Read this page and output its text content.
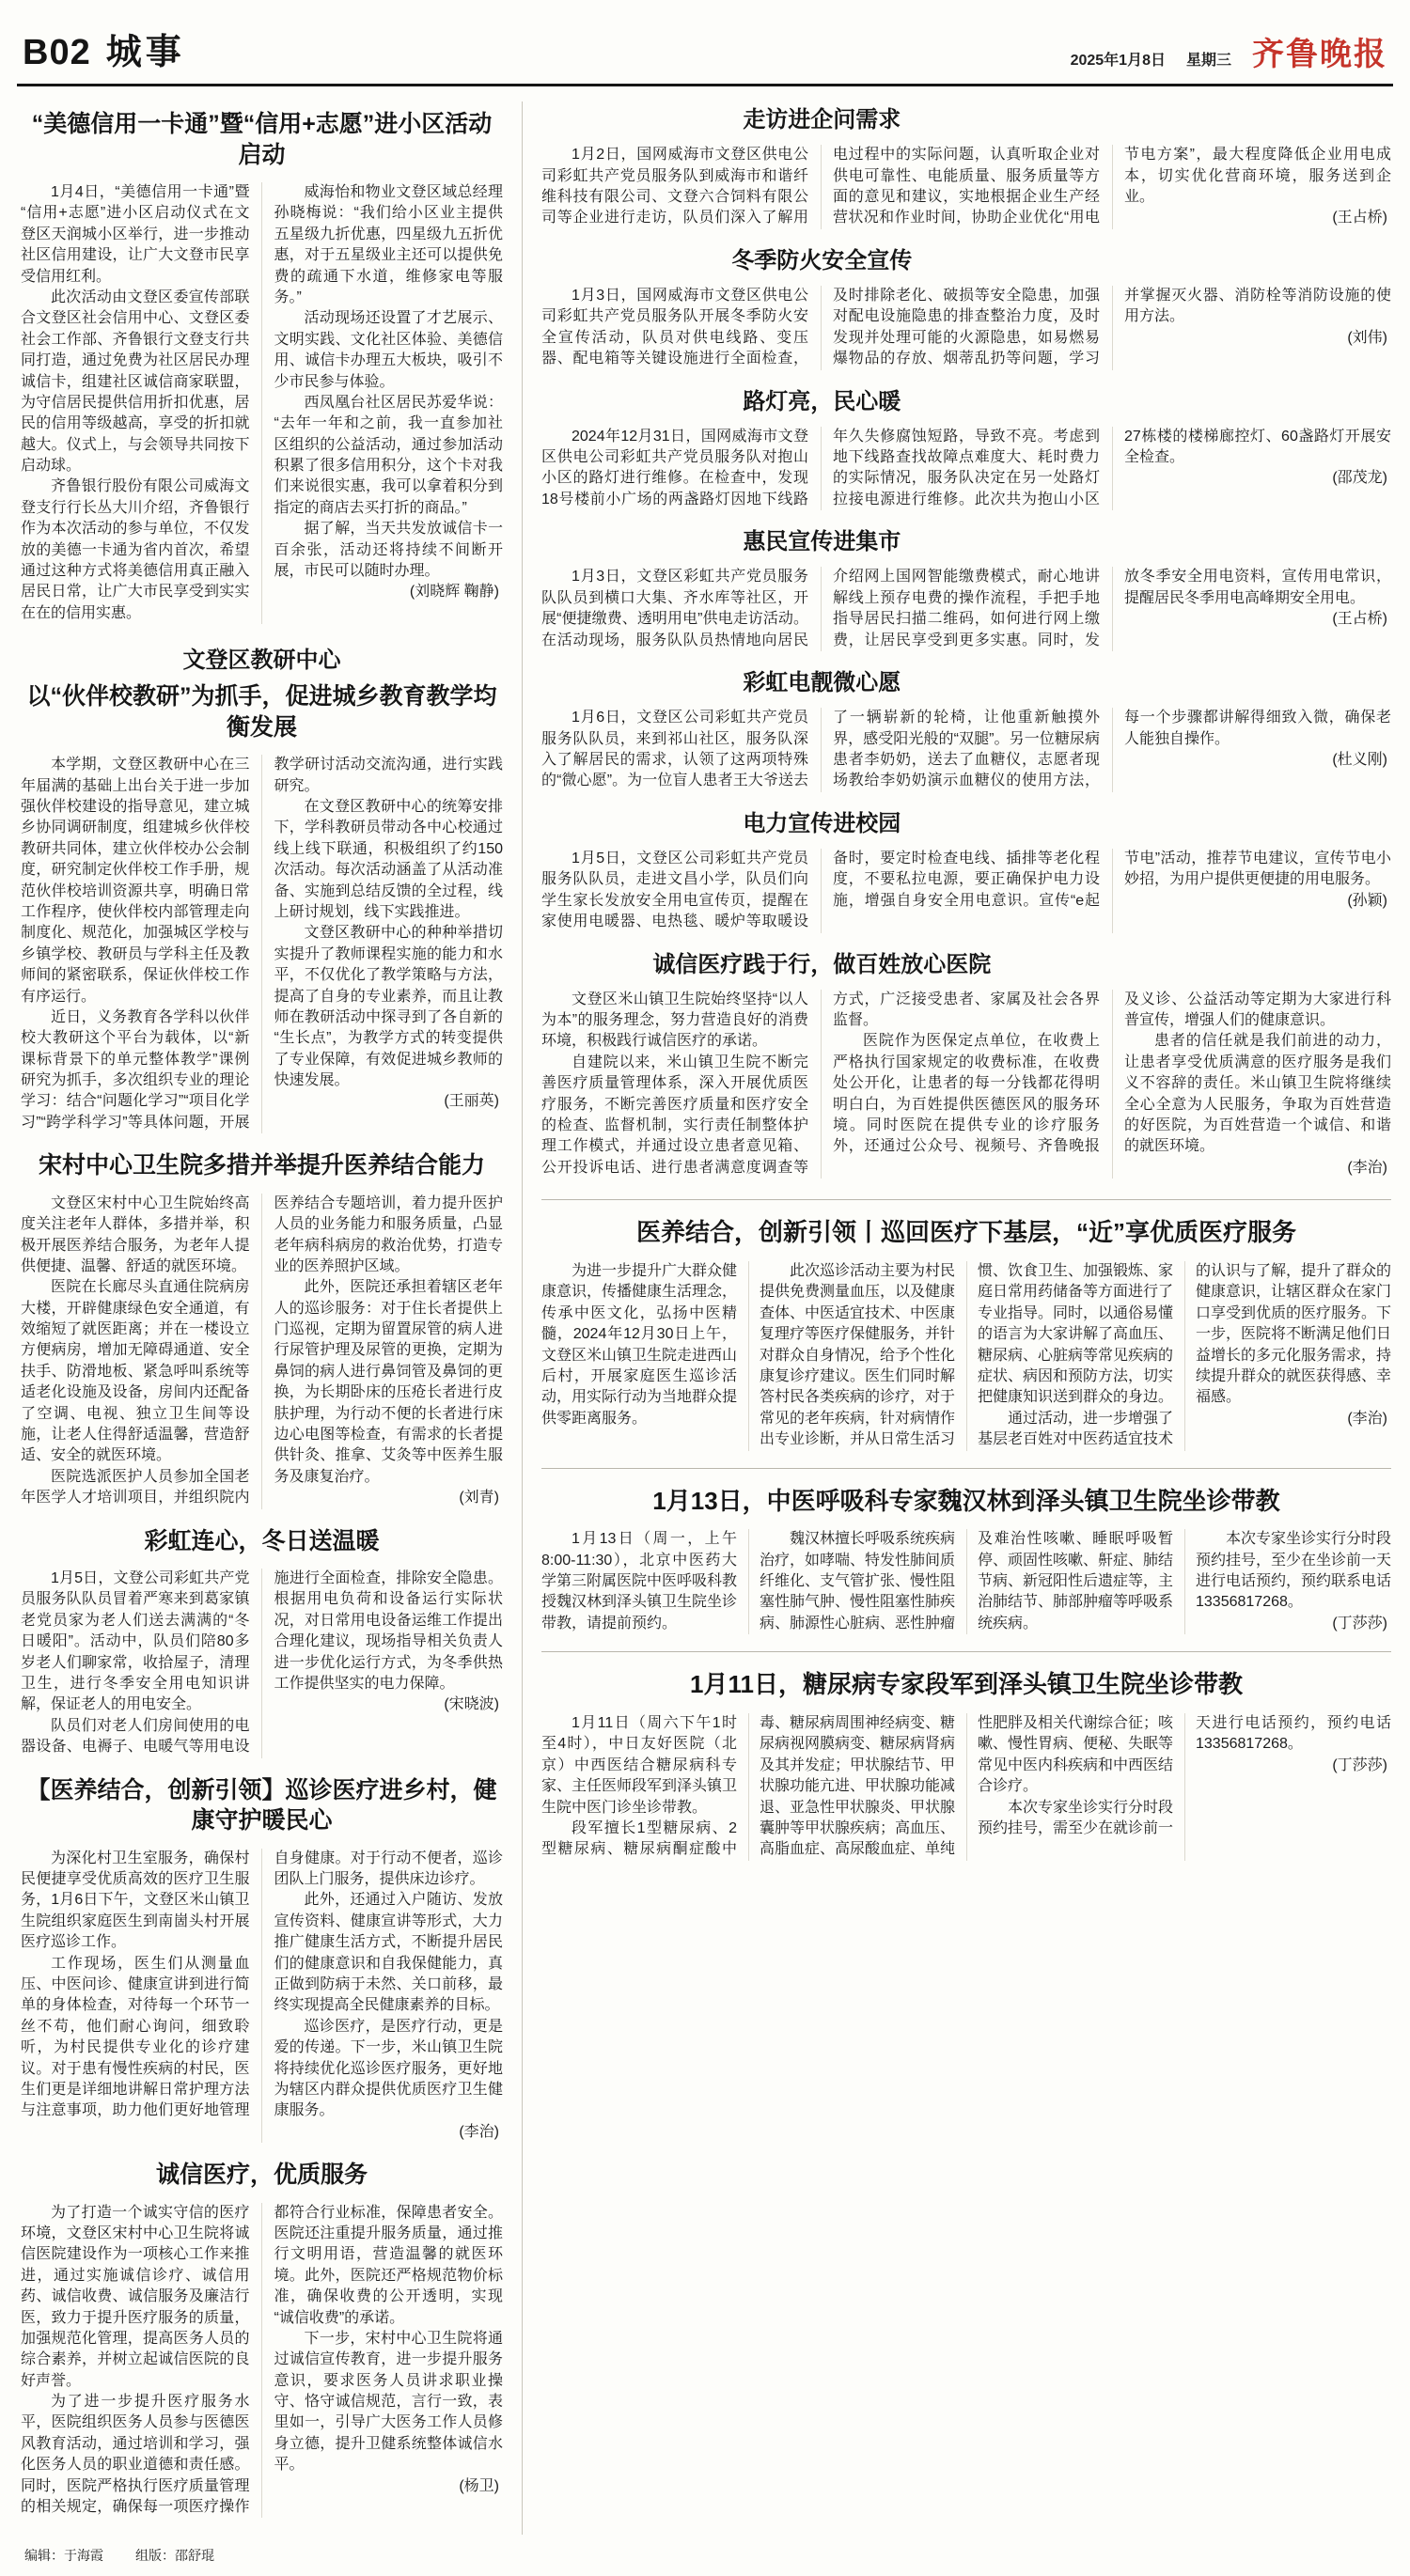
B02 城事	2025年1月8日 星期三 齐鲁晚报
“美德信用一卡通”暨“信用+志愿”进小区活动启动

1月4日，“美德信用一卡通”暨“信用+志愿”进小区启动仪式在文登区天润城小区举行，进一步推动社区信用建设，让广大文登市民享受信用红利。

此次活动由文登区委宣传部联合文登区社会信用中心、文登区委社会工作部、齐鲁银行文登支行共同打造，通过免费为社区居民办理诚信卡，组建社区诚信商家联盟，为守信居民提供信用折扣优惠，居民的信用等级越高，享受的折扣就越大。仪式上，与会领导共同按下启动球。

齐鲁银行股份有限公司威海文登支行行长丛大川介绍，齐鲁银行作为本次活动的参与单位，不仅发放的美德一卡通为省内首次，希望通过这种方式将美德信用真正融入居民日常，让广大市民享受到实实在在的信用实惠。

威海怡和物业文登区域总经理孙晓梅说：“我们给小区业主提供五星级九折优惠，四星级九五折优惠，对于五星级业主还可以提供免费的疏通下水道，维修家电等服务。”

活动现场还设置了才艺展示、文明实践、文化社区体验、美德信用、诚信卡办理五大板块，吸引不少市民参与体验。

西凤凰台社区居民苏爱华说：“去年一年和之前，我一直参加社区组织的公益活动，通过参加活动积累了很多信用积分，这个卡对我们来说很实惠，我可以拿着积分到指定的商店去买打折的商品。”

据了解，当天共发放诚信卡一百余张，活动还将持续不间断开展，市民可以随时办理。

(刘晓辉 鞠静)
文登区教研中心
以“伙伴校教研”为抓手，促进城乡教育教学均衡发展

本学期，文登区教研中心在三年届满的基础上出台关于进一步加强伙伴校建设的指导意见，建立城乡协同调研制度，组建城乡伙伴校教研共同体，建立伙伴校办公会制度，研究制定伙伴校工作手册，规范伙伴校培训资源共享，明确日常工作程序，使伙伴校内部管理走向制度化、规范化，加强城区学校与乡镇学校、教研员与学科主任及教师间的紧密联系，保证伙伴校工作有序运行。

近日，义务教育各学科以伙伴校大教研这个平台为载体，以“新课标背景下的单元整体教学”课例研究为抓手，多次组织专业的理论学习：结合“问题化学习”“项目化学习”“跨学科学习”等具体问题，开展教学研讨活动交流沟通，进行实践研究。

在文登区教研中心的统筹安排下，学科教研员带动各中心校通过线上线下联通，积极组织了约150次活动。每次活动涵盖了从活动准备、实施到总结反馈的全过程，线上研讨规划，线下实践推进。

文登区教研中心的种种举措切实提升了教师课程实施的能力和水平，不仅优化了教学策略与方法，提高了自身的专业素养，而且让教师在教研活动中探寻到了各自新的“生长点”，为教学方式的转变提供了专业保障，有效促进城乡教师的快速发展。

(王丽英)
宋村中心卫生院多措并举提升医养结合能力

文登区宋村中心卫生院始终高度关注老年人群体，多措并举，积极开展医养结合服务，为老年人提供便捷、温馨、舒适的就医环境。

医院在长廊尽头直通住院病房大楼，开辟健康绿色安全通道，有效缩短了就医距离；并在一楼设立方便病房，增加无障碍通道、安全扶手、防滑地板、紧急呼叫系统等适老化设施及设备，房间内还配备了空调、电视、独立卫生间等设施，让老人住得舒适温馨，营造舒适、安全的就医环境。

医院选派医护人员参加全国老年医学人才培训项目，并组织院内医养结合专题培训，着力提升医护人员的业务能力和服务质量，凸显老年病科病房的救治优势，打造专业的医养照护区域。

此外，医院还承担着辖区老年人的巡诊服务：对于住长者提供上门巡视，定期为留置尿管的病人进行尿管护理及尿管的更换，定期为鼻饲的病人进行鼻饲管及鼻饲的更换，为长期卧床的压疮长者进行皮肤护理，为行动不便的长者进行床边心电图等检查，有需求的长者提供针灸、推拿、艾灸等中医养生服务及康复治疗。

(刘青)
彩虹连心，冬日送温暖

1月5日，文登公司彩虹共产党员服务队队员冒着严寒来到葛家镇老党员家为老人们送去满满的“冬日暖阳”。活动中，队员们陪80多岁老人们聊家常，收拾屋子，清理卫生，进行冬季安全用电知识讲解，保证老人的用电安全。

队员们对老人们房间使用的电器设备、电褥子、电暖气等用电设施进行全面检查，排除安全隐患。根据用电负荷和设备运行实际状况，对日常用电设备运维工作提出合理化建议，现场指导相关负责人进一步优化运行方式，为冬季供热工作提供坚实的电力保障。

(宋晓波)
【医养结合，创新引领】巡诊医疗进乡村，健康守护暖民心

为深化村卫生室服务，确保村民便捷享受优质高效的医疗卫生服务，1月6日下午，文登区米山镇卫生院组织家庭医生到南崮头村开展医疗巡诊工作。

工作现场，医生们从测量血压、中医问诊、健康宣讲到进行简单的身体检查，对待每一个环节一丝不苟，他们耐心询问，细致聆听，为村民提供专业化的诊疗建议。对于患有慢性疾病的村民，医生们更是详细地讲解日常护理方法与注意事项，助力他们更好地管理自身健康。对于行动不便者，巡诊团队上门服务，提供床边诊疗。

此外，还通过入户随访、发放宣传资料、健康宣讲等形式，大力推广健康生活方式，不断提升居民们的健康意识和自我保健能力，真正做到防病于未然、关口前移，最终实现提高全民健康素养的目标。

巡诊医疗，是医疗行动，更是爱的传递。下一步，米山镇卫生院将持续优化巡诊医疗服务，更好地为辖区内群众提供优质医疗卫生健康服务。

(李治)
诚信医疗，优质服务

为了打造一个诚实守信的医疗环境，文登区宋村中心卫生院将诚信医院建设作为一项核心工作来推进，通过实施诚信诊疗、诚信用药、诚信收费、诚信服务及廉洁行医，致力于提升医疗服务的质量，加强规范化管理，提高医务人员的综合素养，并树立起诚信医院的良好声誉。

为了进一步提升医疗服务水平，医院组织医务人员参与医德医风教育活动，通过培训和学习，强化医务人员的职业道德和责任感。同时，医院严格执行医疗质量管理的相关规定，确保每一项医疗操作都符合行业标准，保障患者安全。医院还注重提升服务质量，通过推行文明用语，营造温馨的就医环境。此外，医院还严格规范物价标准，确保收费的公开透明，实现“诚信收费”的承诺。

下一步，宋村中心卫生院将通过诚信宣传教育，进一步提升服务意识，要求医务人员讲求职业操守、恪守诚信规范，言行一致，表里如一，引导广大医务工作人员修身立德，提升卫健系统整体诚信水平。

(杨卫)
走访进企问需求

1月2日，国网威海市文登区供电公司彩虹共产党员服务队到威海市和谐纤维科技有限公司、文登六合饲料有限公司等企业进行走访，队员们深入了解用电过程中的实际问题，认真听取企业对供电可靠性、电能质量、服务质量等方面的意见和建议，实地根据企业生产经营状况和作业时间，协助企业优化“用电节电方案”，最大程度降低企业用电成本，切实优化营商环境，服务送到企业。

(王占桥)
冬季防火安全宣传

1月3日，国网威海市文登区供电公司彩虹共产党员服务队开展冬季防火安全宣传活动，队员对供电线路、变压器、配电箱等关键设施进行全面检查，及时排除老化、破损等安全隐患，加强对配电设施隐患的排查整治力度，及时发现并处理可能的火源隐患，如易燃易爆物品的存放、烟蒂乱扔等问题，学习并掌握灭火器、消防栓等消防设施的使用方法。

(刘伟)
路灯亮，民心暖

2024年12月31日，国网威海市文登区供电公司彩虹共产党员服务队对抱山小区的路灯进行维修。在检查中，发现18号楼前小广场的两盏路灯因地下线路年久失修腐蚀短路，导致不亮。考虑到地下线路查找故障点难度大、耗时费力的实际情况，服务队决定在另一处路灯拉接电源进行维修。此次共为抱山小区27栋楼的楼梯廊控灯、60盏路灯开展安全检查。

(邵茂龙)
惠民宣传进集市

1月3日，文登区彩虹共产党员服务队队员到横口大集、齐水库等社区，开展“便捷缴费、透明用电”供电走访活动。在活动现场，服务队队员热情地向居民介绍网上国网智能缴费模式，耐心地讲解线上预存电费的操作流程，手把手地指导居民扫描二维码，如何进行网上缴费，让居民享受到更多实惠。同时，发放冬季安全用电资料，宣传用电常识，提醒居民冬季用电高峰期安全用电。

(王占桥)
彩虹电靓微心愿

1月6日，文登区公司彩虹共产党员服务队队员，来到祁山社区，服务队深入了解居民的需求，认领了这两项特殊的“微心愿”。为一位盲人患者王大爷送去了一辆崭新的轮椅，让他重新触摸外界，感受阳光般的“双腿”。另一位糖尿病患者李奶奶，送去了血糖仪，志愿者现场教给李奶奶演示血糖仪的使用方法，每一个步骤都讲解得细致入微，确保老人能独自操作。

(杜义刚)
电力宣传进校园

1月5日，文登区公司彩虹共产党员服务队队员，走进文昌小学，队员们向学生家长发放安全用电宣传页，提醒在家使用电暖器、电热毯、暖炉等取暖设备时，要定时检查电线、插排等老化程度，不要私拉电源，要正确保护电力设施，增强自身安全用电意识。宣传“e起节电”活动，推荐节电建议，宣传节电小妙招，为用户提供更便捷的用电服务。

(孙颖)
诚信医疗践于行，做百姓放心医院

文登区米山镇卫生院始终坚持“以人为本”的服务理念，努力营造良好的消费环境，积极践行诚信医疗的承诺。

自建院以来，米山镇卫生院不断完善医疗质量管理体系，深入开展优质医疗服务，不断完善医疗质量和医疗安全的检查、监督机制，实行责任制整体护理工作模式，并通过设立患者意见箱、公开投诉电话、进行患者满意度调查等方式，广泛接受患者、家属及社会各界监督。

医院作为医保定点单位，在收费上严格执行国家规定的收费标准，在收费处公开化，让患者的每一分钱都花得明明白白，为百姓提供医德医风的服务环境。同时医院在提供专业的诊疗服务外，还通过公众号、视频号、齐鲁晚报及义诊、公益活动等定期为大家进行科普宣传，增强人们的健康意识。

患者的信任就是我们前进的动力，让患者享受优质满意的医疗服务是我们义不容辞的责任。米山镇卫生院将继续全心全意为人民服务，争取为百姓营造的好医院，为百姓营造一个诚信、和谐的就医环境。

(李治)
医养结合，创新引领丨巡回医疗下基层，“近”享优质医疗服务

为进一步提升广大群众健康意识，传播健康生活理念，传承中医文化，弘扬中医精髓，2024年12月30日上午，文登区米山镇卫生院走进西山后村，开展家庭医生巡诊活动，用实际行动为当地群众提供零距离服务。

此次巡诊活动主要为村民提供免费测量血压，以及健康查体、中医适宜技术、中医康复理疗等医疗保健服务，并针对群众自身情况，给予个性化康复诊疗建议。医生们同时解答村民各类疾病的诊疗，对于常见的老年疾病，针对病情作出专业诊断，并从日常生活习惯、饮食卫生、加强锻炼、家庭日常用药储备等方面进行了专业指导。同时，以通俗易懂的语言为大家讲解了高血压、糖尿病、心脏病等常见疾病的症状、病因和预防方法，切实把健康知识送到群众的身边。

通过活动，进一步增强了基层老百姓对中医药适宜技术的认识与了解，提升了群众的健康意识，让辖区群众在家门口享受到优质的医疗服务。下一步，医院将不断满足他们日益增长的多元化服务需求，持续提升群众的就医获得感、幸福感。

(李治)
1月13日，中医呼吸科专家魏汉林到泽头镇卫生院坐诊带教

1月13日（周一，上午8:00-11:30），北京中医药大学第三附属医院中医呼吸科教授魏汉林到泽头镇卫生院坐诊带教，请提前预约。

魏汉林擅长呼吸系统疾病治疗，如哮喘、特发性肺间质纤维化、支气管扩张、慢性阻塞性肺气肿、慢性阻塞性肺疾病、肺源性心脏病、恶性肿瘤及难治性咳嗽、睡眠呼吸暂停、顽固性咳嗽、鼾症、肺结节病、新冠阳性后遗症等，主治肺结节、肺部肿瘤等呼吸系统疾病。

本次专家坐诊实行分时段预约挂号，至少在坐诊前一天进行电话预约，预约联系电话13356817268。

(丁莎莎)
1月11日，糖尿病专家段军到泽头镇卫生院坐诊带教

1月11日（周六下午1时至4时），中日友好医院（北京）中西医结合糖尿病科专家、主任医师段军到泽头镇卫生院中医门诊坐诊带教。

段军擅长1型糖尿病、2型糖尿病、糖尿病酮症酸中毒、糖尿病周围神经病变、糖尿病视网膜病变、糖尿病肾病及其并发症；甲状腺结节、甲状腺功能亢进、甲状腺功能减退、亚急性甲状腺炎、甲状腺囊肿等甲状腺疾病；高血压、高脂血症、高尿酸血症、单纯性肥胖及相关代谢综合征；咳嗽、慢性胃病、便秘、失眠等常见中医内科疾病和中西医结合诊疗。

本次专家坐诊实行分时段预约挂号，需至少在就诊前一天进行电话预约，预约电话13356817268。

(丁莎莎)
编辑：于海霞 组版：邵舒琨
